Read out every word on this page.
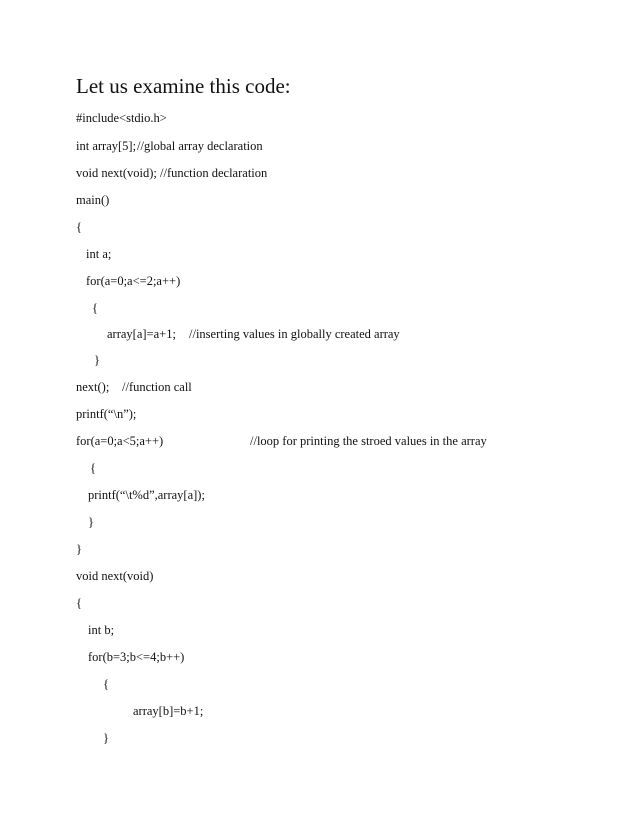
Let us examine this code:
#include<stdio.h>
int array[5]; //global array declaration
void next(void); //function declaration
main()
{
int a;
for(a=0;a<=2;a++)
{
array[a]=a+1; //inserting values in globally created array
}
next(); //function call
printf(“\n”);
for(a=0;a<5;a++)	//loop for printing the stroed values in the array
{
printf(“\t%d”,array[a]);
}
}
void next(void)
{
int b;
for(b=3;b<=4;b++)
{
array[b]=b+1;
}
